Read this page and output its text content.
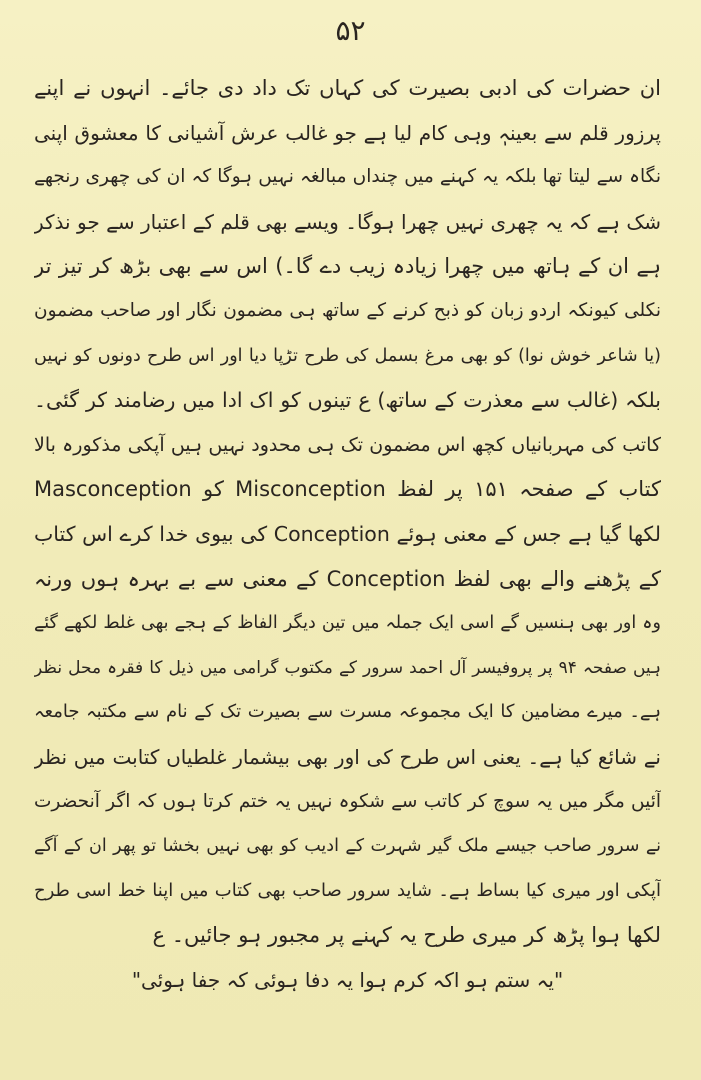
۵۲
ان حضرات کی ادبی بصیرت کی کہاں تک داد دی جائے۔ انہوں نے اپنے
پرزور قلم سے بعینہٖ وہی کام لیا ہے جو غالب عرش آشیانی کا معشوق اپنی
نگاہ سے لیتا تھا بلکہ یہ کہنے میں چنداں مبالغہ نہیں ہوگا کہ ان کی چھری رنجھے
شک ہے کہ یہ چھری نہیں چھرا ہوگا۔ ویسے بھی قلم کے اعتبار سے جو نذکر
ہے ان کے ہاتھ میں چھرا زیادہ زیب دے گا۔) اس سے بھی بڑھ کر تیز تر
نکلی کیونکہ اردو زبان کو ذبح کرنے کے ساتھ ہی مضمون نگار اور صاحب مضمون
(یا شاعر خوش نوا) کو بھی مرغ بسمل کی طرح تڑپا دیا اور اس طرح دونوں کو نہیں
بلکہ (غالب سے معذرت کے ساتھ) ع تینوں کو اک ادا میں رضامند کر گئی۔
کاتب کی مہربانیاں کچھ اس مضمون تک ہی محدود نہیں ہیں آپکی مذکورہ بالا
کتاب کے صفحہ ۱۵۱ پر لفظ Misconception کو Masconception
لکھا گیا ہے جس کے معنی ہوئے Conception کی بیوی خدا کرے اس کتاب
کے پڑھنے والے بھی لفظ Conception کے معنی سے بے بہرہ ہوں ورنہ
وہ اور بھی ہنسیں گے اسی ایک جملہ میں تین دیگر الفاظ کے ہجے بھی غلط لکھے گئے
ہیں صفحہ ۹۴ پر پروفیسر آل احمد سرور کے مکتوب گرامی میں ذیل کا فقرہ محل نظر
ہے۔ میرے مضامین کا ایک مجموعہ مسرت سے بصیرت تک کے نام سے مکتبہ جامعہ
نے شائع کیا ہے۔ یعنی اس طرح کی اور بھی بیشمار غلطیاں کتابت میں نظر
آئیں مگر میں یہ سوچ کر کاتب سے شکوہ نہیں یہ ختم کرتا ہوں کہ اگر آنحضرت
نے سرور صاحب جیسے ملک گیر شہرت کے ادیب کو بھی نہیں بخشا تو پھر ان کے آگے
آپکی اور میری کیا بساط ہے۔ شاید سرور صاحب بھی کتاب میں اپنا خط اسی طرح
لکھا ہوا پڑھ کر میری طرح یہ کہنے پر مجبور ہو جائیں۔ ع
"یہ ستم ہو اکہ کرم ہوا یہ دفا ہوئی کہ جفا ہوئی"
